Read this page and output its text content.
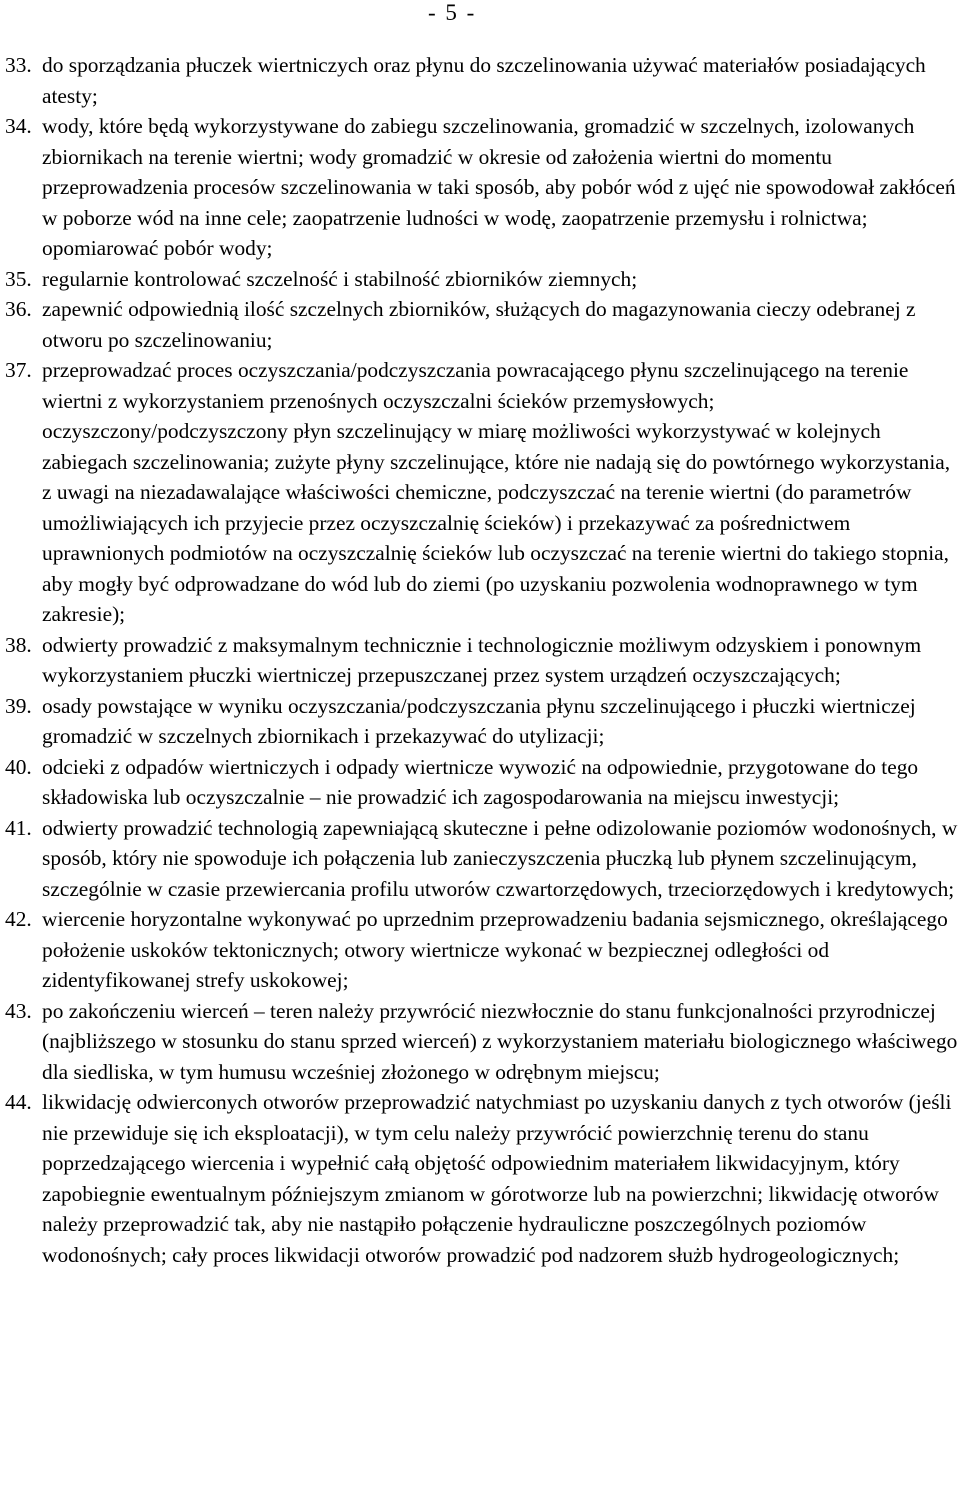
- 5 -
33. do sporządzania płuczek wiertniczych oraz płynu do szczelinowania używać materiałów posiadających atesty;
34. wody, które będą wykorzystywane do zabiegu szczelinowania, gromadzić w szczelnych, izolowanych zbiornikach na terenie wiertni; wody gromadzić w okresie od założenia wiertni do momentu przeprowadzenia procesów szczelinowania w taki sposób, aby pobór wód z ujęć nie spowodował zakłóceń w poborze wód na inne cele; zaopatrzenie ludności w wodę, zaopatrzenie przemysłu i rolnictwa; opomiarować pobór wody;
35. regularnie kontrolować szczelność i stabilność zbiorników ziemnych;
36. zapewnić odpowiednią ilość szczelnych zbiorników, służących do magazynowania cieczy odebranej z otworu po szczelinowaniu;
37. przeprowadzać proces oczyszczania/podczyszczania powracającego płynu szczelinującego na terenie wiertni z wykorzystaniem przenośnych oczyszczalni ścieków przemysłowych; oczyszczony/podczyszczony płyn szczelinujący w miarę możliwości wykorzystywać w kolejnych zabiegach szczelinowania; zużyte płyny szczelinujące, które nie nadają się do powtórnego wykorzystania, z uwagi na niezadawalające właściwości chemiczne, podczyszczać na terenie wiertni (do parametrów umożliwiających ich przyjecie przez oczyszczalnię ścieków) i przekazywać za pośrednictwem uprawnionych podmiotów na oczyszczalnię ścieków lub oczyszczać na terenie wiertni do takiego stopnia, aby mogły być odprowadzane do wód lub do ziemi (po uzyskaniu pozwolenia wodnoprawnego w tym zakresie);
38. odwierty prowadzić z maksymalnym technicznie i technologicznie możliwym odzyskiem i ponownym wykorzystaniem płuczki wiertniczej przepuszczanej przez system urządzeń oczyszczających;
39. osady powstające w wyniku oczyszczania/podczyszczania płynu szczelinującego i płuczki wiertniczej gromadzić w szczelnych zbiornikach i przekazywać do utylizacji;
40. odcieki z odpadów wiertniczych i odpady wiertnicze wywozić na odpowiednie, przygotowane do tego składowiska lub oczyszczalnie – nie prowadzić ich zagospodarowania na miejscu inwestycji;
41. odwierty prowadzić technologią zapewniającą skuteczne i pełne odizolowanie poziomów wodonośnych, w sposób, który nie spowoduje ich połączenia lub zanieczyszczenia płuczką lub płynem szczelinującym, szczególnie w czasie przewiercania profilu utworów czwartorzędowych, trzeciorzędowych i kredytowych;
42. wiercenie horyzontalne wykonywać po uprzednim przeprowadzeniu badania sejsmicznego, określającego położenie uskoków tektonicznych; otwory wiertnicze wykonać w bezpiecznej odległości od zidentyfikowanej strefy uskokowej;
43. po zakończeniu wierceń – teren należy przywrócić niezwłocznie do stanu funkcjonalności przyrodniczej (najbliższego w stosunku do stanu sprzed wierceń) z wykorzystaniem materiału biologicznego właściwego dla siedliska, w tym humusu wcześniej złożonego w odrębnym miejscu;
44. likwidację odwierconych otworów przeprowadzić natychmiast po uzyskaniu danych z tych otworów (jeśli nie przewiduje się ich eksploatacji), w tym celu należy przywrócić powierzchnię terenu do stanu poprzedzającego wiercenia i wypełnić całą objętość odpowiednim materiałem likwidacyjnym, który zapobiegnie ewentualnym późniejszym zmianom w górotworze lub na powierzchni; likwidację otworów należy przeprowadzić tak, aby nie nastąpiło połączenie hydrauliczne poszczególnych poziomów wodonośnych; cały proces likwidacji otworów prowadzić pod nadzorem służb hydrogeologicznych;
